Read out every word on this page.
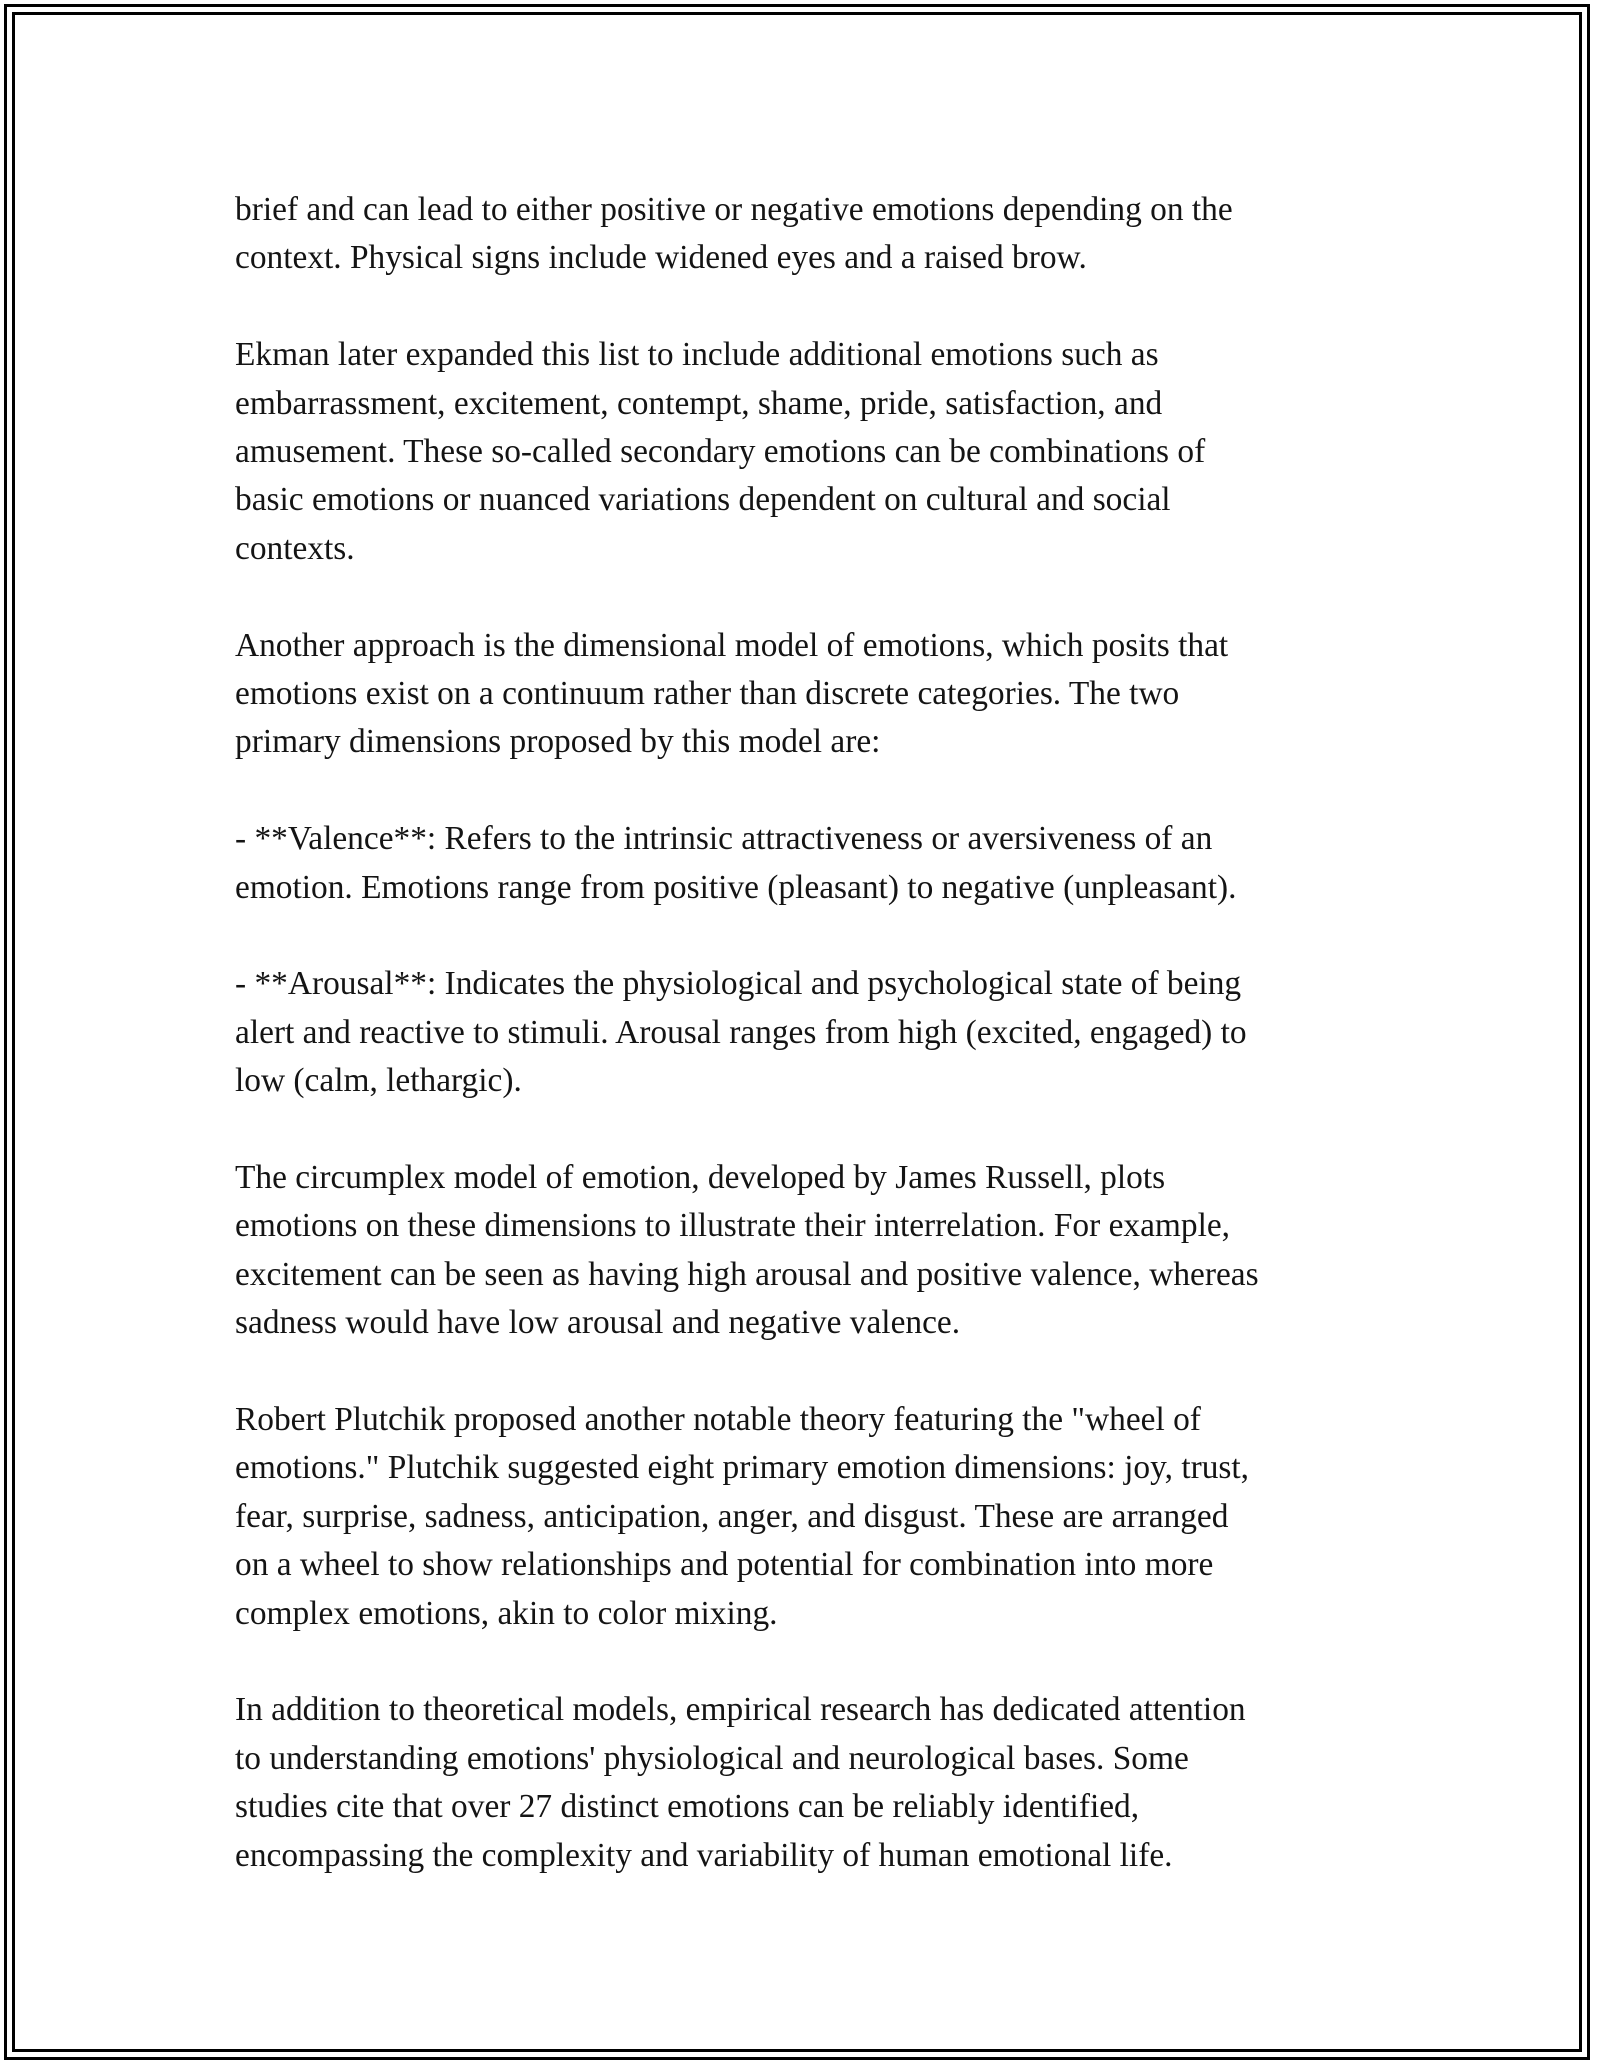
brief and can lead to either positive or negative emotions depending on the
context. Physical signs include widened eyes and a raised brow.

Ekman later expanded this list to include additional emotions such as
embarrassment, excitement, contempt, shame, pride, satisfaction, and
amusement. These so-called secondary emotions can be combinations of
basic emotions or nuanced variations dependent on cultural and social
contexts.

Another approach is the dimensional model of emotions, which posits that
emotions exist on a continuum rather than discrete categories. The two
primary dimensions proposed by this model are:

- **Valence**: Refers to the intrinsic attractiveness or aversiveness of an
emotion. Emotions range from positive (pleasant) to negative (unpleasant).

- **Arousal**: Indicates the physiological and psychological state of being
alert and reactive to stimuli. Arousal ranges from high (excited, engaged) to
low (calm, lethargic).

The circumplex model of emotion, developed by James Russell, plots
emotions on these dimensions to illustrate their interrelation. For example,
excitement can be seen as having high arousal and positive valence, whereas
sadness would have low arousal and negative valence.

Robert Plutchik proposed another notable theory featuring the "wheel of
emotions." Plutchik suggested eight primary emotion dimensions: joy, trust,
fear, surprise, sadness, anticipation, anger, and disgust. These are arranged
on a wheel to show relationships and potential for combination into more
complex emotions, akin to color mixing.

In addition to theoretical models, empirical research has dedicated attention
to understanding emotions' physiological and neurological bases. Some
studies cite that over 27 distinct emotions can be reliably identified,
encompassing the complexity and variability of human emotional life.
